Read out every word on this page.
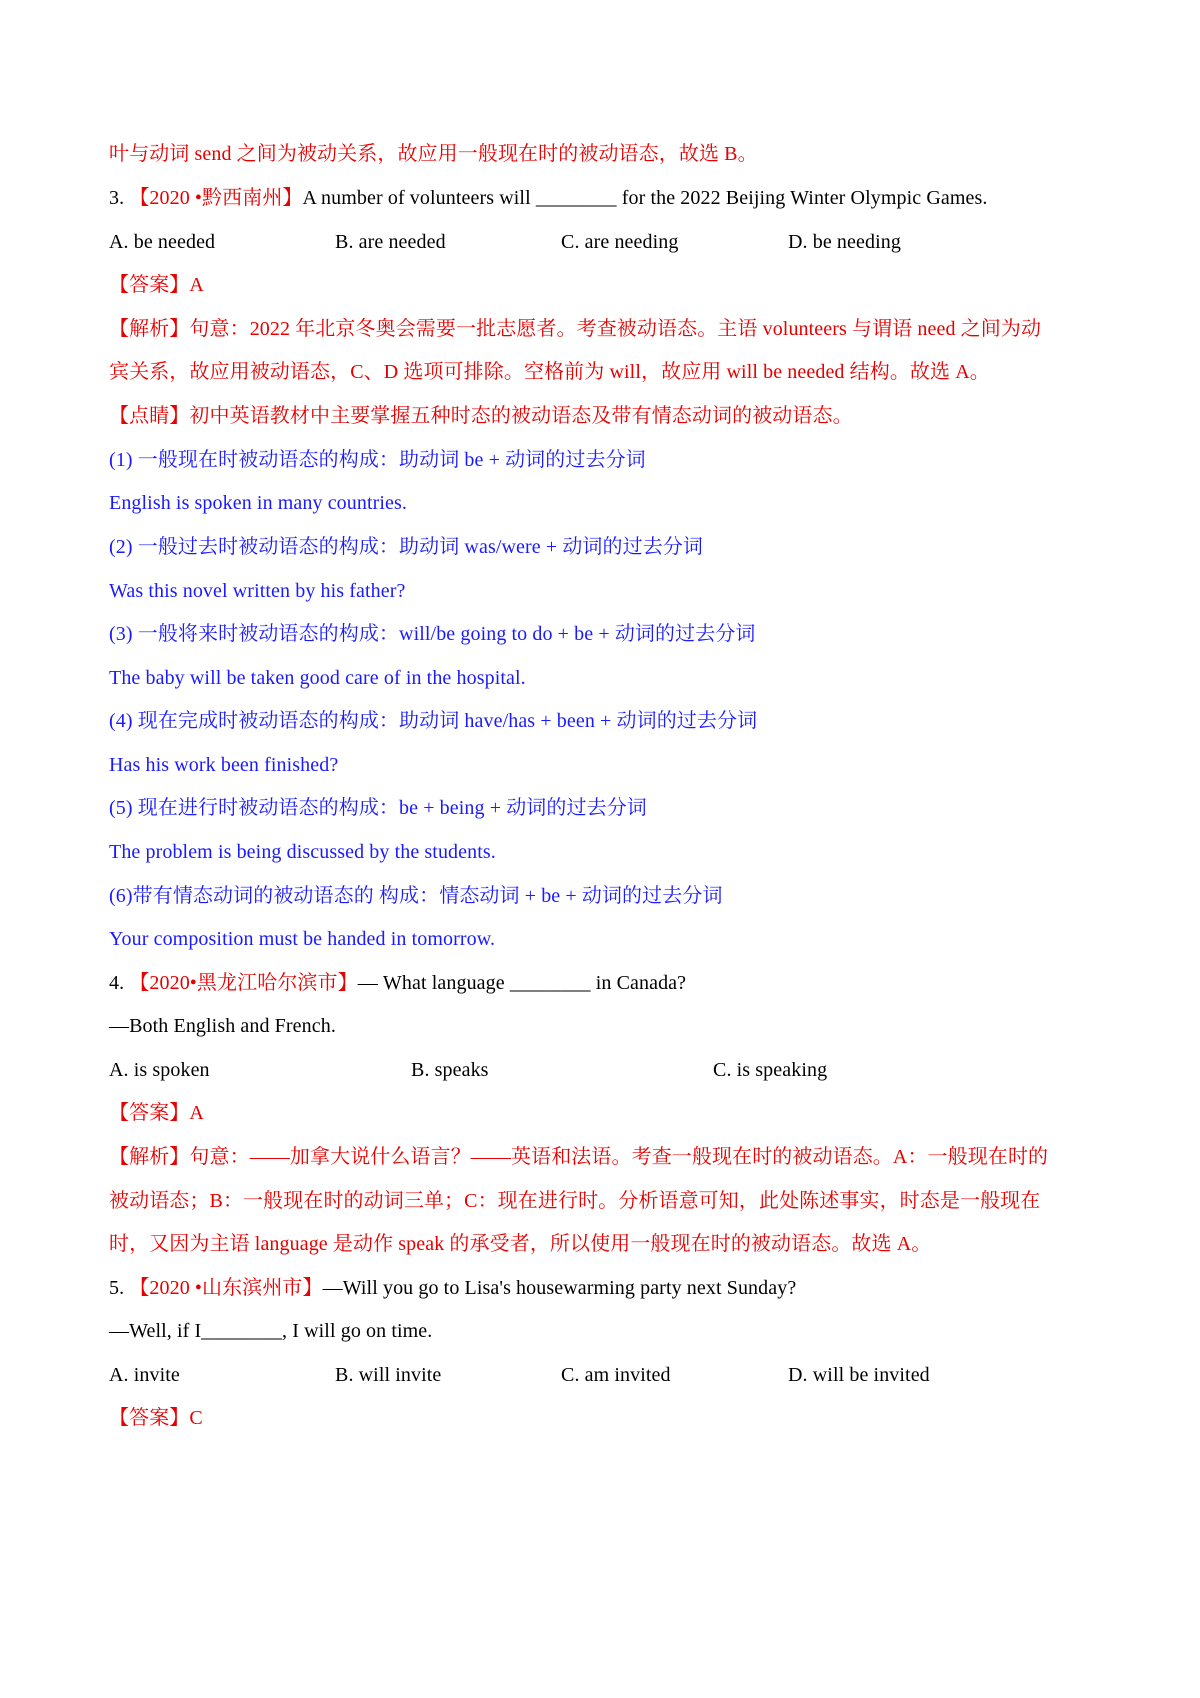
叶与动词 send 之间为被动关系，故应用一般现在时的被动语态，故选 B。
3. 【2020 •黔西南州】A number of volunteers will ________ for the 2022 Beijing Winter Olympic Games.
A. be needed	B. are needed	C. are needing	D. be needing
【答案】A
【解析】句意：2022 年北京冬奥会需要一批志愿者。考查被动语态。主语 volunteers 与谓语 need 之间为动
宾关系，故应用被动语态，C、D 选项可排除。空格前为 will，故应用 will be needed 结构。故选 A。
【点睛】初中英语教材中主要掌握五种时态的被动语态及带有情态动词的被动语态。
(1) 一般现在时被动语态的构成：助动词 be + 动词的过去分词
English is spoken in many countries.
(2) 一般过去时被动语态的构成：助动词 was/were + 动词的过去分词
Was this novel written by his father?
(3) 一般将来时被动语态的构成：will/be going to do + be + 动词的过去分词
The baby will be taken good care of in the hospital.
(4) 现在完成时被动语态的构成：助动词 have/has + been + 动词的过去分词
Has his work been finished?
(5) 现在进行时被动语态的构成：be + being + 动词的过去分词
The problem is being discussed by the students.
(6)带有情态动词的被动语态的 构成：情态动词 + be + 动词的过去分词
Your composition must be handed in tomorrow.
4. 【2020•黑龙江哈尔滨市】— What language ________ in Canada?
—Both English and French.
A. is spoken	B. speaks	C. is speaking
【答案】A
【解析】句意：——加拿大说什么语言？——英语和法语。考查一般现在时的被动语态。A：一般现在时的
被动语态；B：一般现在时的动词三单；C：现在进行时。分析语意可知，此处陈述事实，时态是一般现在
时，又因为主语 language 是动作 speak 的承受者，所以使用一般现在时的被动语态。故选 A。
5. 【2020 •山东滨州市】—Will you go to Lisa's housewarming party next Sunday?
—Well, if I________, I will go on time.
A. invite	B. will invite	C. am invited	D. will be invited
【答案】C
